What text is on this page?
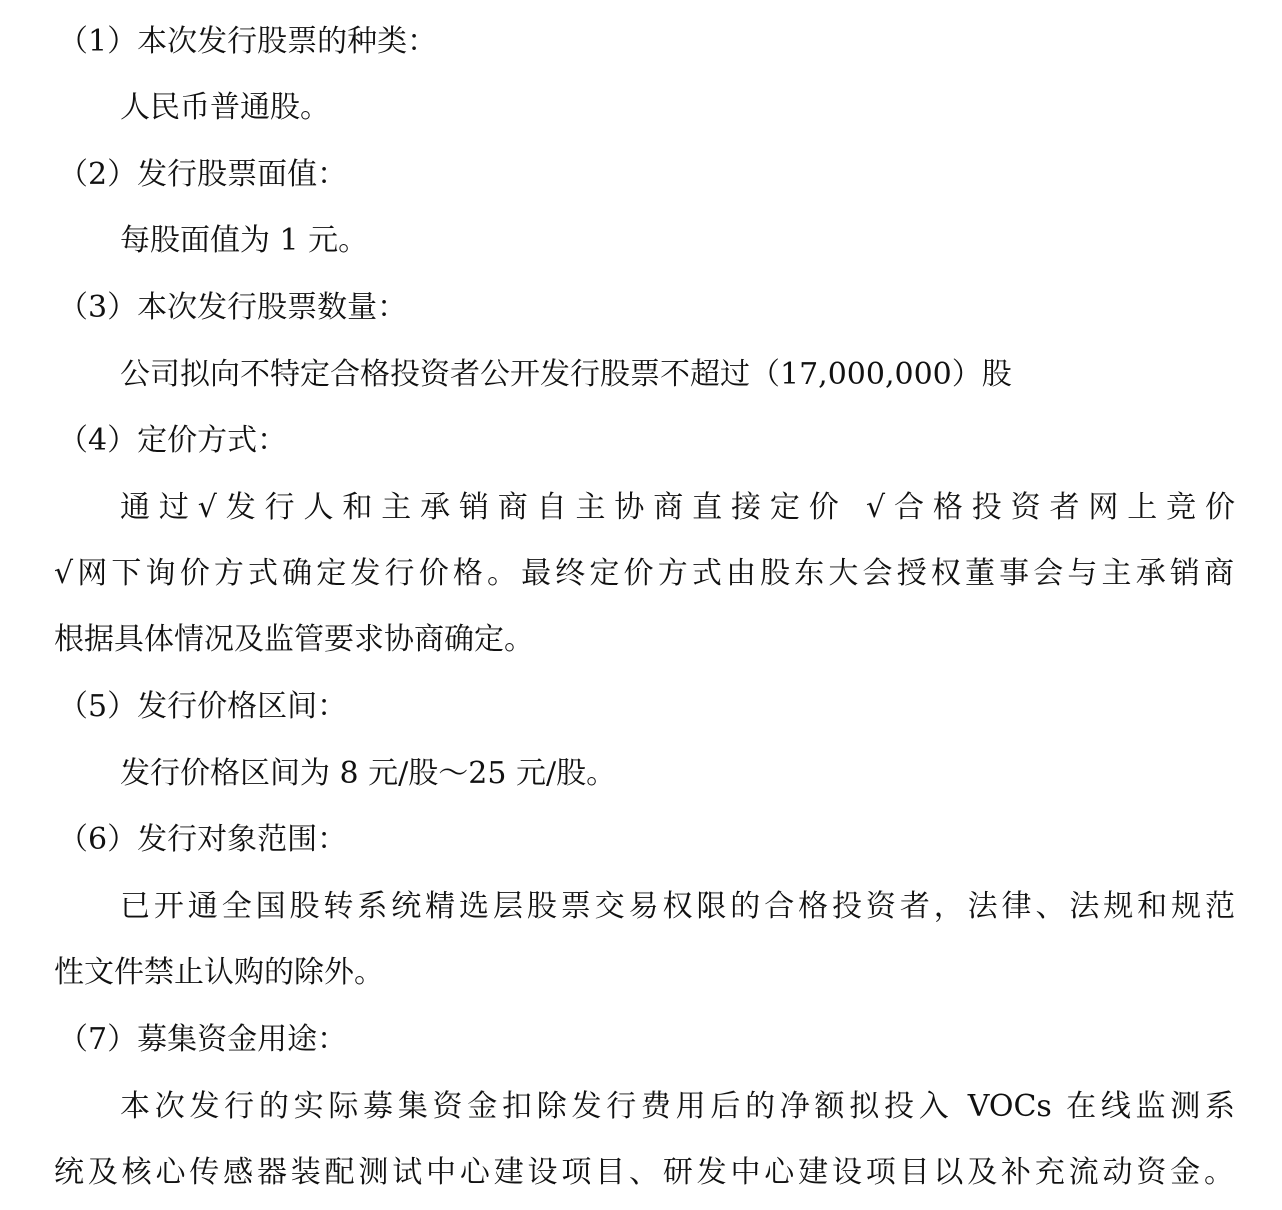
（1）本次发行股票的种类：
人民币普通股。
（2）发行股票面值：
每股面值为 1 元。
（3）本次发行股票数量：
公司拟向不特定合格投资者公开发行股票不超过（17,000,000）股
（4）定价方式：
通过√发行人和主承销商自主协商直接定价 √合格投资者网上竞价
√网下询价方式确定发行价格。最终定价方式由股东大会授权董事会与主承销商
根据具体情况及监管要求协商确定。
（5）发行价格区间：
发行价格区间为 8 元/股～25 元/股。
（6）发行对象范围：
已开通全国股转系统精选层股票交易权限的合格投资者，法律、法规和规范
性文件禁止认购的除外。
（7）募集资金用途：
本次发行的实际募集资金扣除发行费用后的净额拟投入 VOCs 在线监测系
统及核心传感器装配测试中心建设项目、研发中心建设项目以及补充流动资金。
